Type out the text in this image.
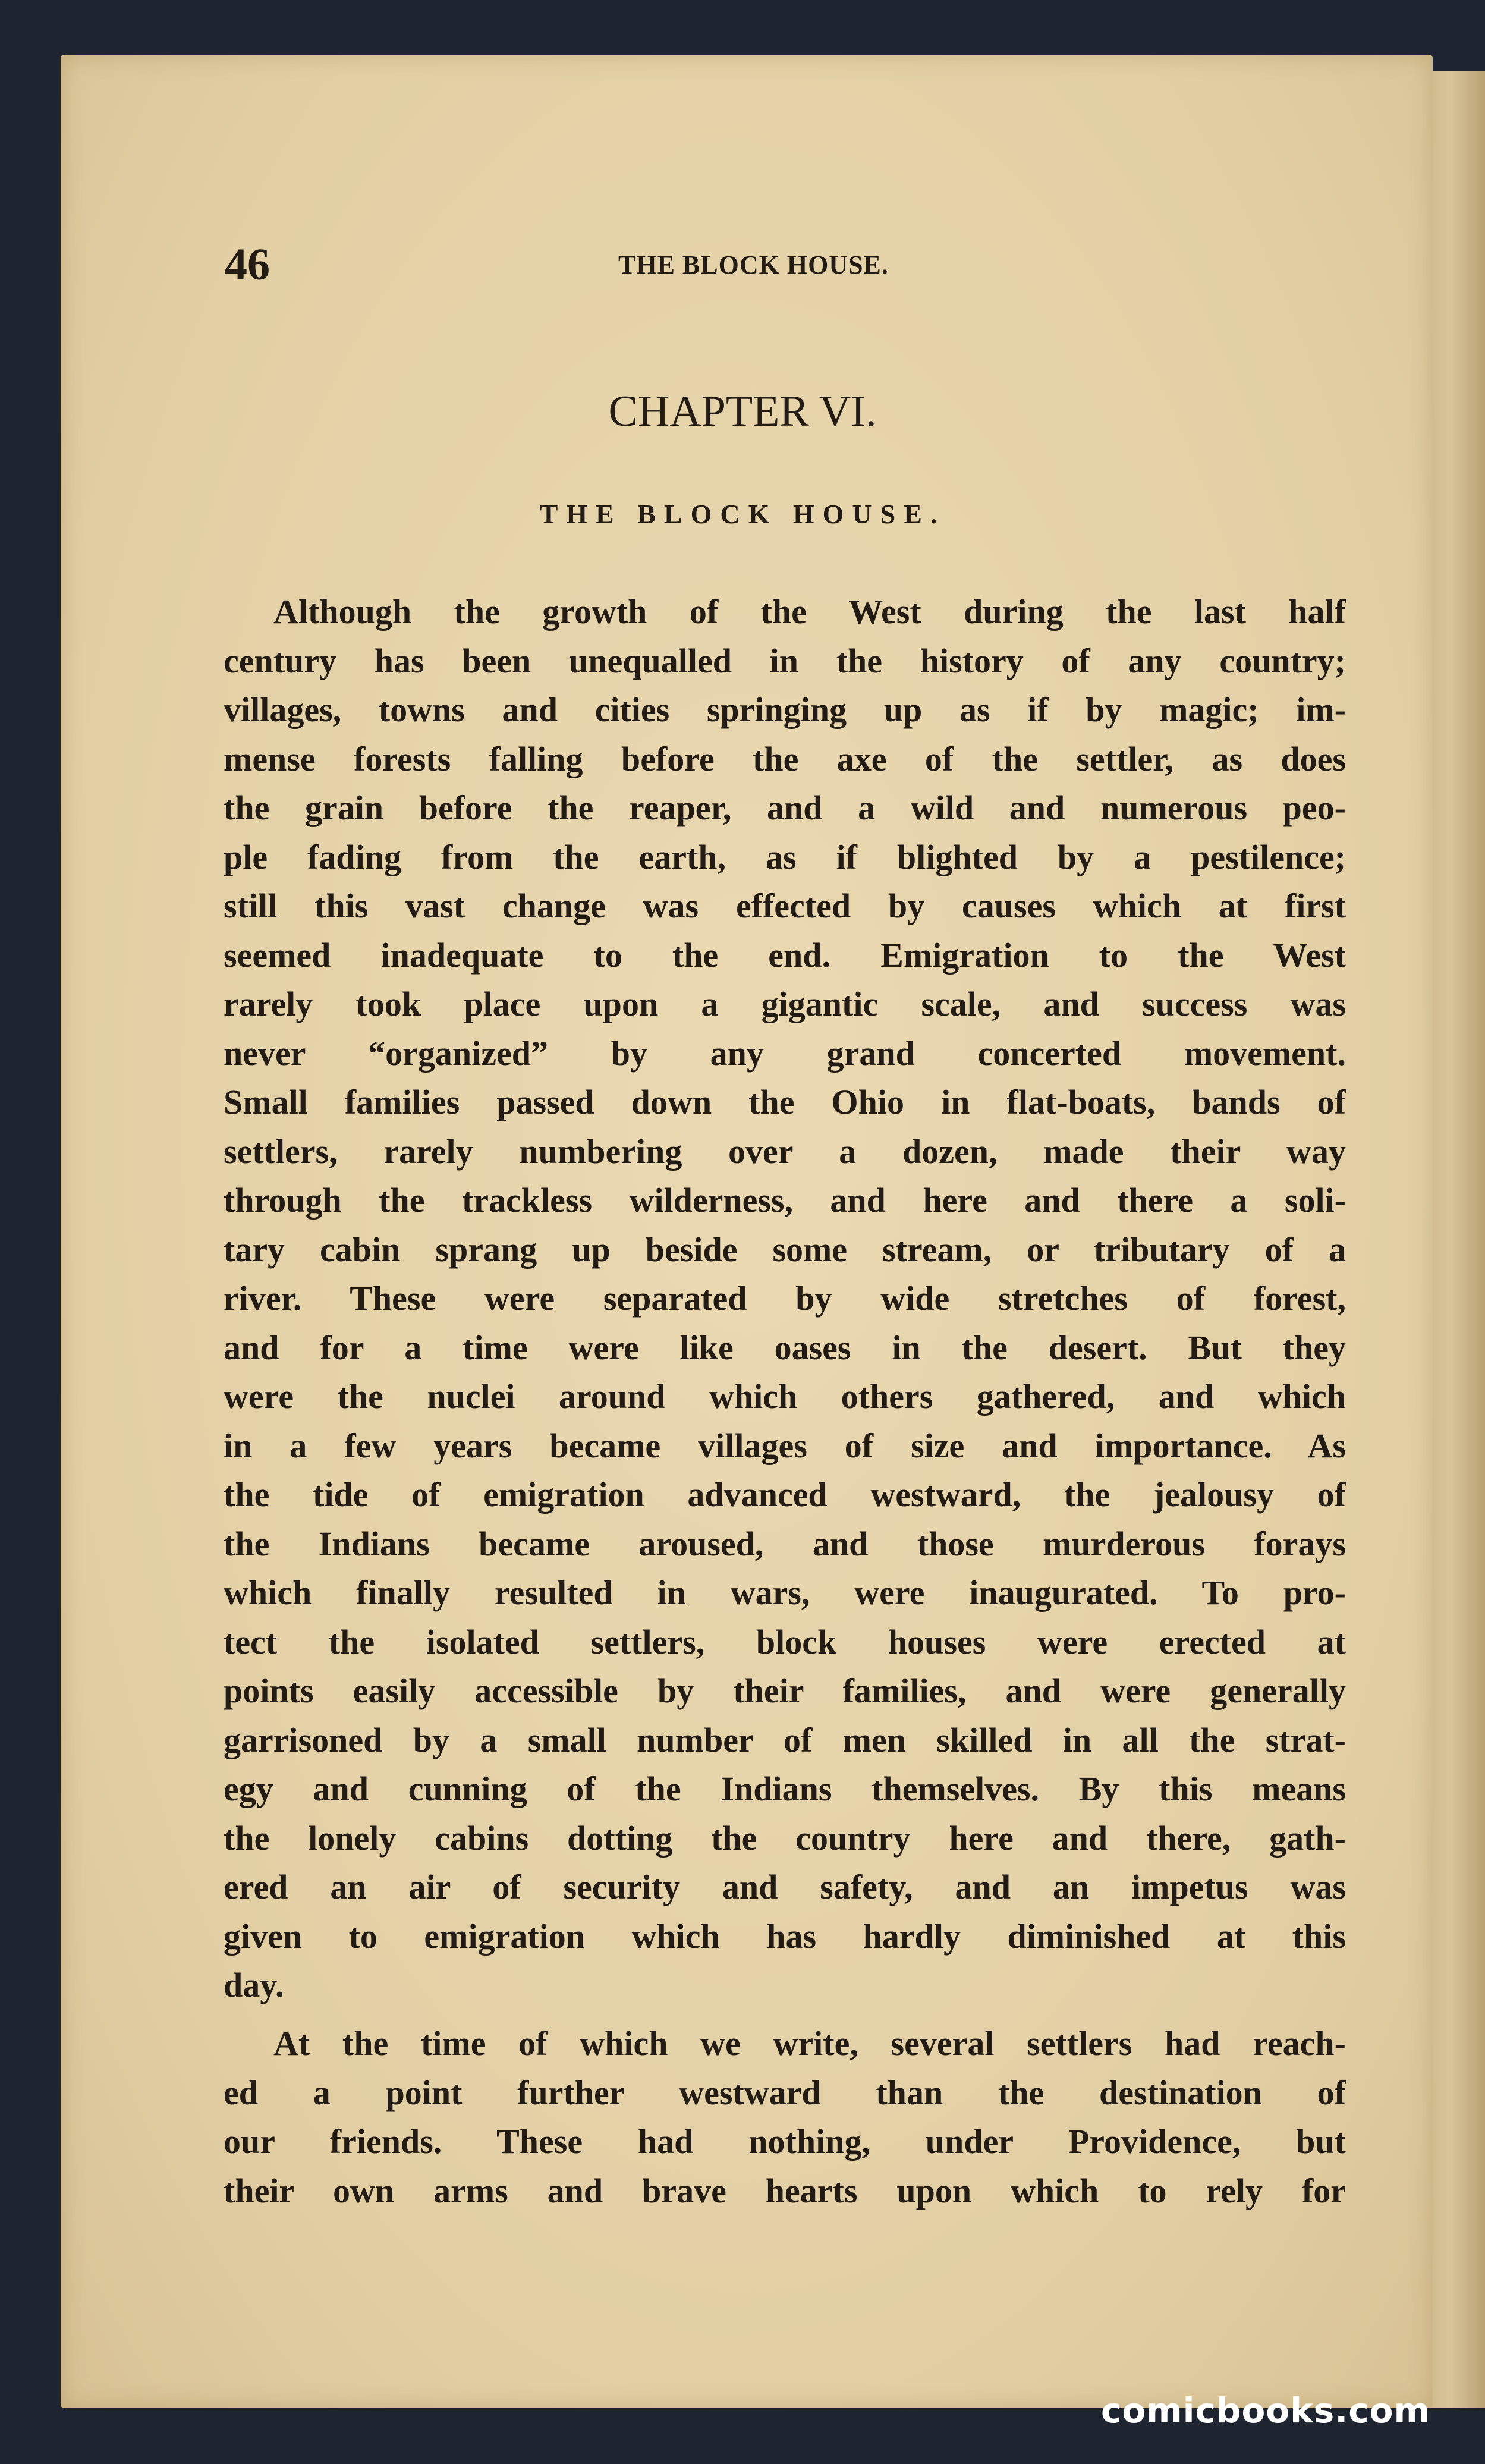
46	THE BLOCK HOUSE.
CHAPTER VI.
THE BLOCK HOUSE.
Although the growth of the West during the last half
century has been unequalled in the history of any country;
villages, towns and cities springing up as if by magic; im-
mense forests falling before the axe of the settler, as does
the grain before the reaper, and a wild and numerous peo-
ple fading from the earth, as if blighted by a pestilence;
still this vast change was effected by causes which at first
seemed inadequate to the end. Emigration to the West
rarely took place upon a gigantic scale, and success was
never “organized” by any grand concerted movement.
Small families passed down the Ohio in flat-boats, bands of
settlers, rarely numbering over a dozen, made their way
through the trackless wilderness, and here and there a soli-
tary cabin sprang up beside some stream, or tributary of a
river. These were separated by wide stretches of forest,
and for a time were like oases in the desert. But they
were the nuclei around which others gathered, and which
in a few years became villages of size and importance. As
the tide of emigration advanced westward, the jealousy of
the Indians became aroused, and those murderous forays
which finally resulted in wars, were inaugurated. To pro-
tect the isolated settlers, block houses were erected at
points easily accessible by their families, and were generally
garrisoned by a small number of men skilled in all the strat-
egy and cunning of the Indians themselves. By this means
the lonely cabins dotting the country here and there, gath-
ered an air of security and safety, and an impetus was
given to emigration which has hardly diminished at this
day.
At the time of which we write, several settlers had reach-
ed a point further westward than the destination of
our friends. These had nothing, under Providence, but
their own arms and brave hearts upon which to rely for
comicbooks.com
